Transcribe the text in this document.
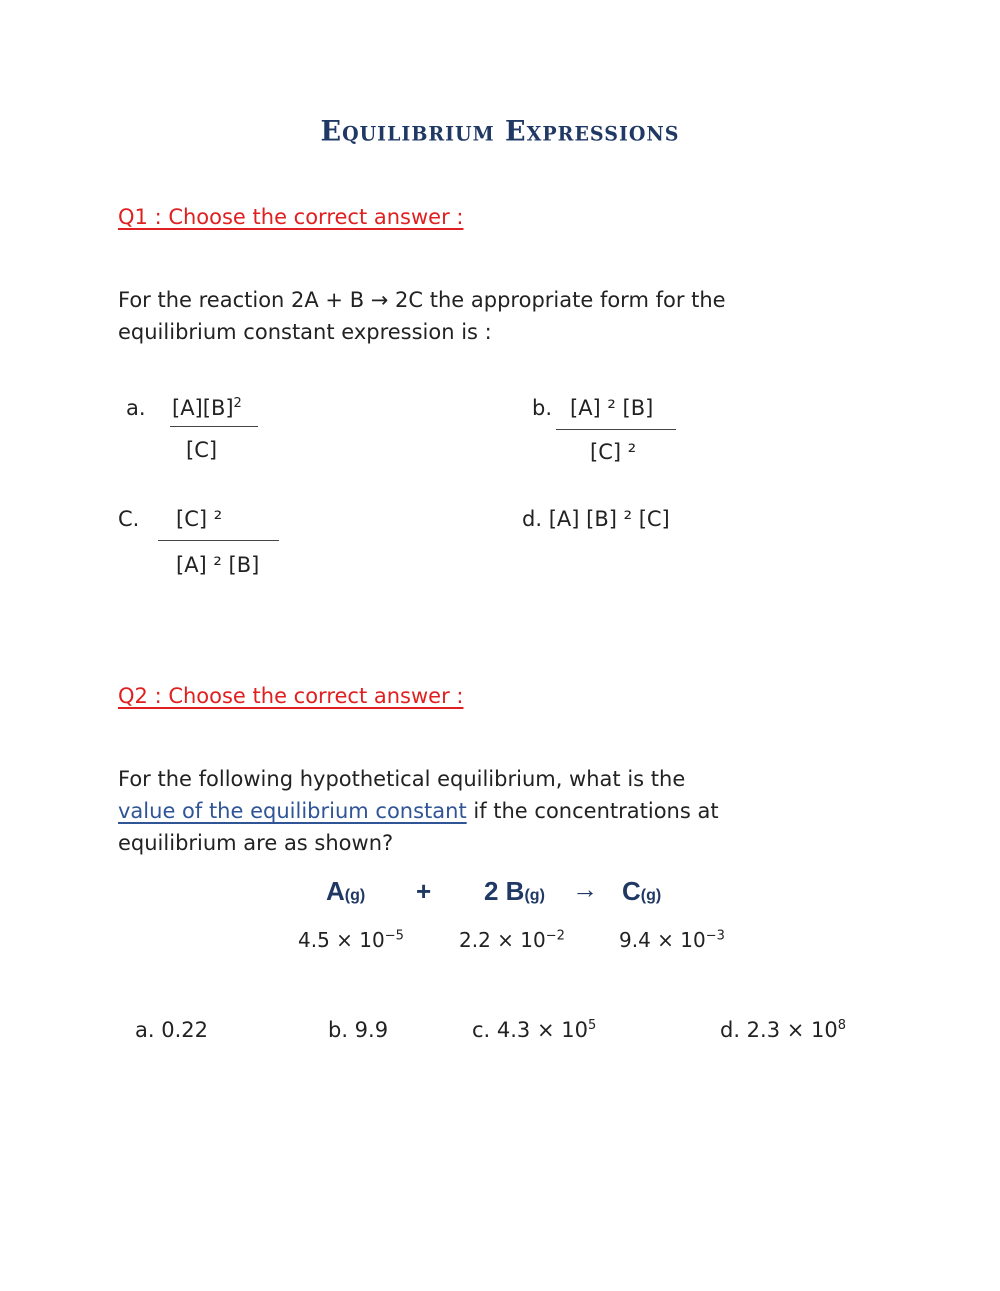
Equilibrium Expressions
Q1 : Choose the correct answer :
For the reaction 2A + B → 2C the appropriate form for the
equilibrium constant expression is :
a. $[A][B]^2$
[C]
b. [A] ² [B]
[C] ²
C. [C] ²
[A] ² [B]
d. [A] [B] ² [C]
Q2 : Choose the correct answer :
For the following hypothetical equilibrium, what is the
value of the equilibrium constant if the concentrations at
equilibrium are as shown?
A(g) + 2 B(g) → C(g)
$4.5 \times 10^{-5}$	$2.2 \times 10^{-2}$	$9.4 \times 10^{-3}$
a. 0.22	b. 9.9	c. $4.3 \times 10^5$	d. $2.3 \times 10^8$
